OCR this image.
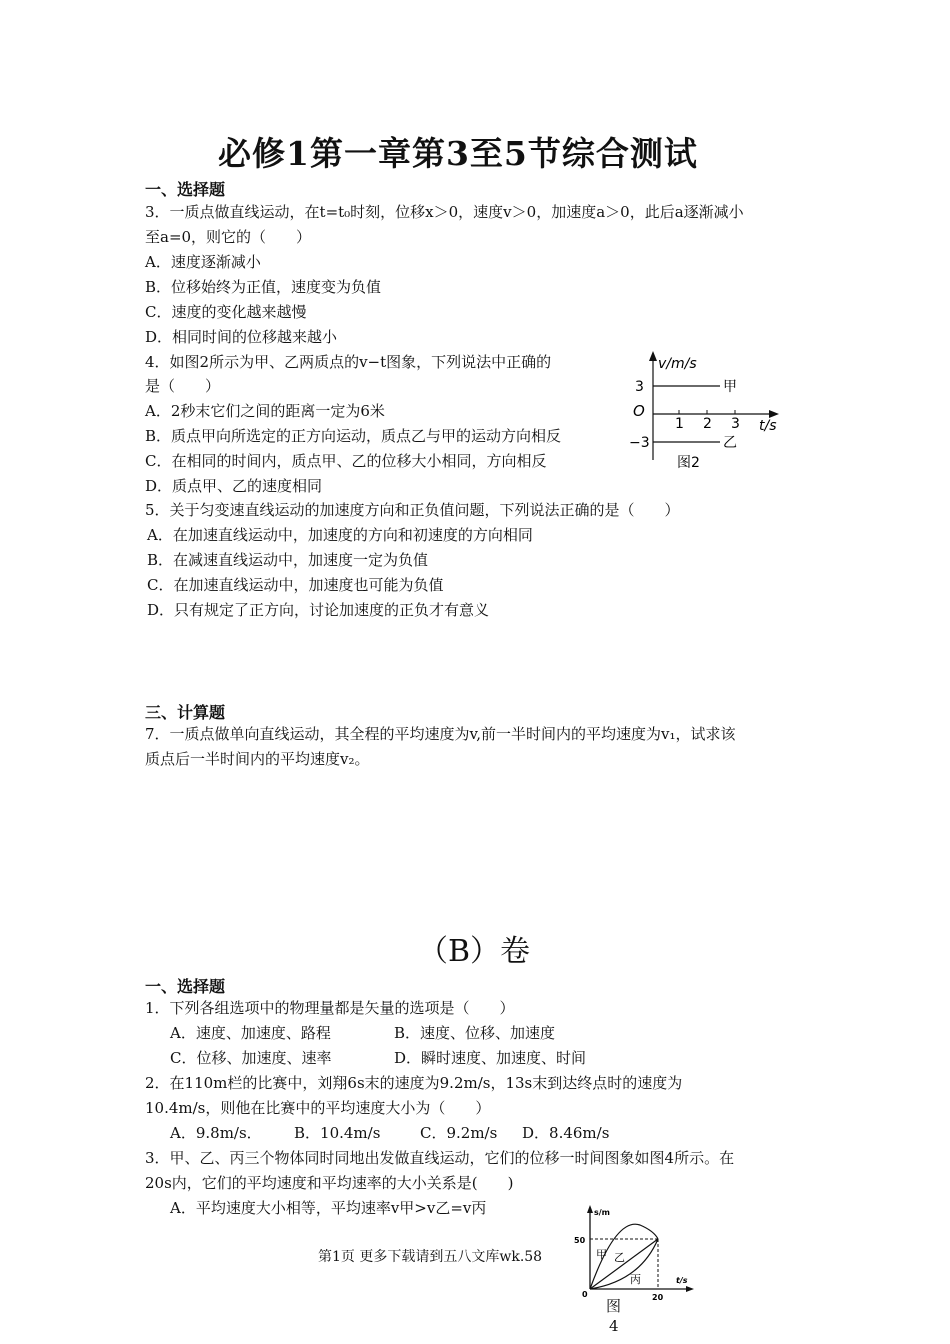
必修1第一章第3至5节综合测试
一、选择题
3．一质点做直线运动，在t=t₀时刻，位移x＞0，速度v＞0，加速度a＞0，此后a逐渐减小
至a=0，则它的（　　）
A．速度逐渐减小
B．位移始终为正值，速度变为负值
C．速度的变化越来越慢
D．相同时间的位移越来越小
4．如图2所示为甲、乙两质点的v−t图象，下列说法中正确的
是（　　）
A．2秒末它们之间的距离一定为6米
B．质点甲向所选定的正方向运动，质点乙与甲的运动方向相反
C．在相同的时间内，质点甲、乙的位移大小相同，方向相反
D．质点甲、乙的速度相同
v/m/s
3
O
−3
甲
乙
1 2 3 t/s
图2
5．关于匀变速直线运动的加速度方向和正负值问题，下列说法正确的是（　　）
A．在加速直线运动中，加速度的方向和初速度的方向相同
B．在减速直线运动中，加速度一定为负值
C．在加速直线运动中，加速度也可能为负值
D．只有规定了正方向，讨论加速度的正负才有意义
三、计算题
7．一质点做单向直线运动，其全程的平均速度为v,前一半时间内的平均速度为v₁，试求该
质点后一半时间内的平均速度v₂。
（B）卷
一、选择题
1．下列各组选项中的物理量都是矢量的选项是（　　）
A．速度、加速度、路程	B．速度、位移、加速度
C．位移、加速度、速率	D．瞬时速度、加速度、时间
2．在110m栏的比赛中，刘翔6s末的速度为9.2m/s，13s末到达终点时的速度为
10.4m/s，则他在比赛中的平均速度大小为（　　）
A．9.8m/s． B．10.4m/s	C．9.2m/s D．8.46m/s
3．甲、乙、丙三个物体同时同地出发做直线运动，它们的位移一时间图象如图4所示。在
20s内，它们的平均速度和平均速率的大小关系是(　　)
A．平均速度大小相等，平均速率v甲>v乙=v丙	s/m
50
0	20
t/s
甲 乙
丙
图
4
第1页 更多下载请到五八文库wk.58
